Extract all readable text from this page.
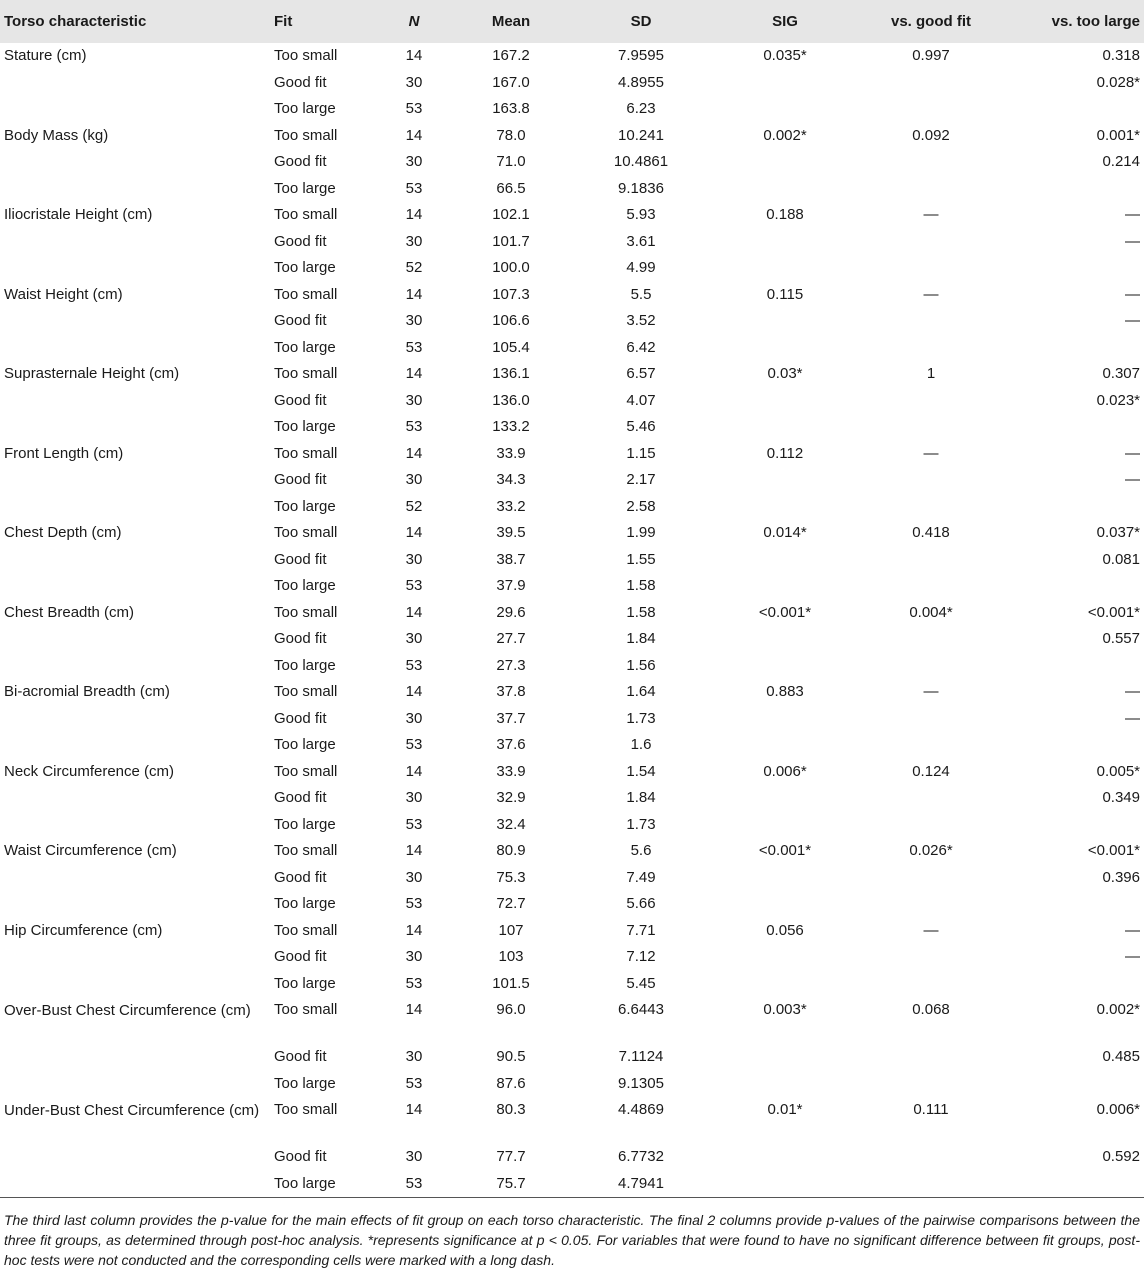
Torso characteristic	Fit	N	Mean	SD	SIG	vs. good fit	vs. too large
Stature (cm)	Too small	14	167.2	7.9595	0.035*	0.997	0.318
	Good fit	30	167.0	4.8955			0.028*
	Too large	53	163.8	6.23			
Body Mass (kg)	Too small	14	78.0	10.241	0.002*	0.092	0.001*
	Good fit	30	71.0	10.4861			0.214
	Too large	53	66.5	9.1836			
Iliocristale Height (cm)	Too small	14	102.1	5.93	0.188	—	—
	Good fit	30	101.7	3.61			—
	Too large	52	100.0	4.99			
Waist Height (cm)	Too small	14	107.3	5.5	0.115	—	—
	Good fit	30	106.6	3.52			—
	Too large	53	105.4	6.42			
Suprasternale Height (cm)	Too small	14	136.1	6.57	0.03*	1	0.307
	Good fit	30	136.0	4.07			0.023*
	Too large	53	133.2	5.46			
Front Length (cm)	Too small	14	33.9	1.15	0.112	—	—
	Good fit	30	34.3	2.17			—
	Too large	52	33.2	2.58			
Chest Depth (cm)	Too small	14	39.5	1.99	0.014*	0.418	0.037*
	Good fit	30	38.7	1.55			0.081
	Too large	53	37.9	1.58			
Chest Breadth (cm)	Too small	14	29.6	1.58	<0.001*	0.004*	<0.001*
	Good fit	30	27.7	1.84			0.557
	Too large	53	27.3	1.56			
Bi-acromial Breadth (cm)	Too small	14	37.8	1.64	0.883	—	—
	Good fit	30	37.7	1.73			—
	Too large	53	37.6	1.6			
Neck Circumference (cm)	Too small	14	33.9	1.54	0.006*	0.124	0.005*
	Good fit	30	32.9	1.84			0.349
	Too large	53	32.4	1.73			
Waist Circumference (cm)	Too small	14	80.9	5.6	<0.001*	0.026*	<0.001*
	Good fit	30	75.3	7.49			0.396
	Too large	53	72.7	5.66			
Hip Circumference (cm)	Too small	14	107	7.71	0.056	—	—
	Good fit	30	103	7.12			—
	Too large	53	101.5	5.45			
Over-Bust Chest Circumference (cm)	Too small	14	96.0	6.6443	0.003*	0.068	0.002*
	Good fit	30	90.5	7.1124			0.485
	Too large	53	87.6	9.1305			
Under-Bust Chest Circumference (cm)	Too small	14	80.3	4.4869	0.01*	0.111	0.006*
	Good fit	30	77.7	6.7732			0.592
	Too large	53	75.7	4.7941			
The third last column provides the p-value for the main effects of fit group on each torso characteristic. The final 2 columns provide p-values of the pairwise comparisons between the three fit groups, as determined through post-hoc analysis. *represents significance at p < 0.05. For variables that were found to have no significant difference between fit groups, post-hoc tests were not conducted and the corresponding cells were marked with a long dash.
